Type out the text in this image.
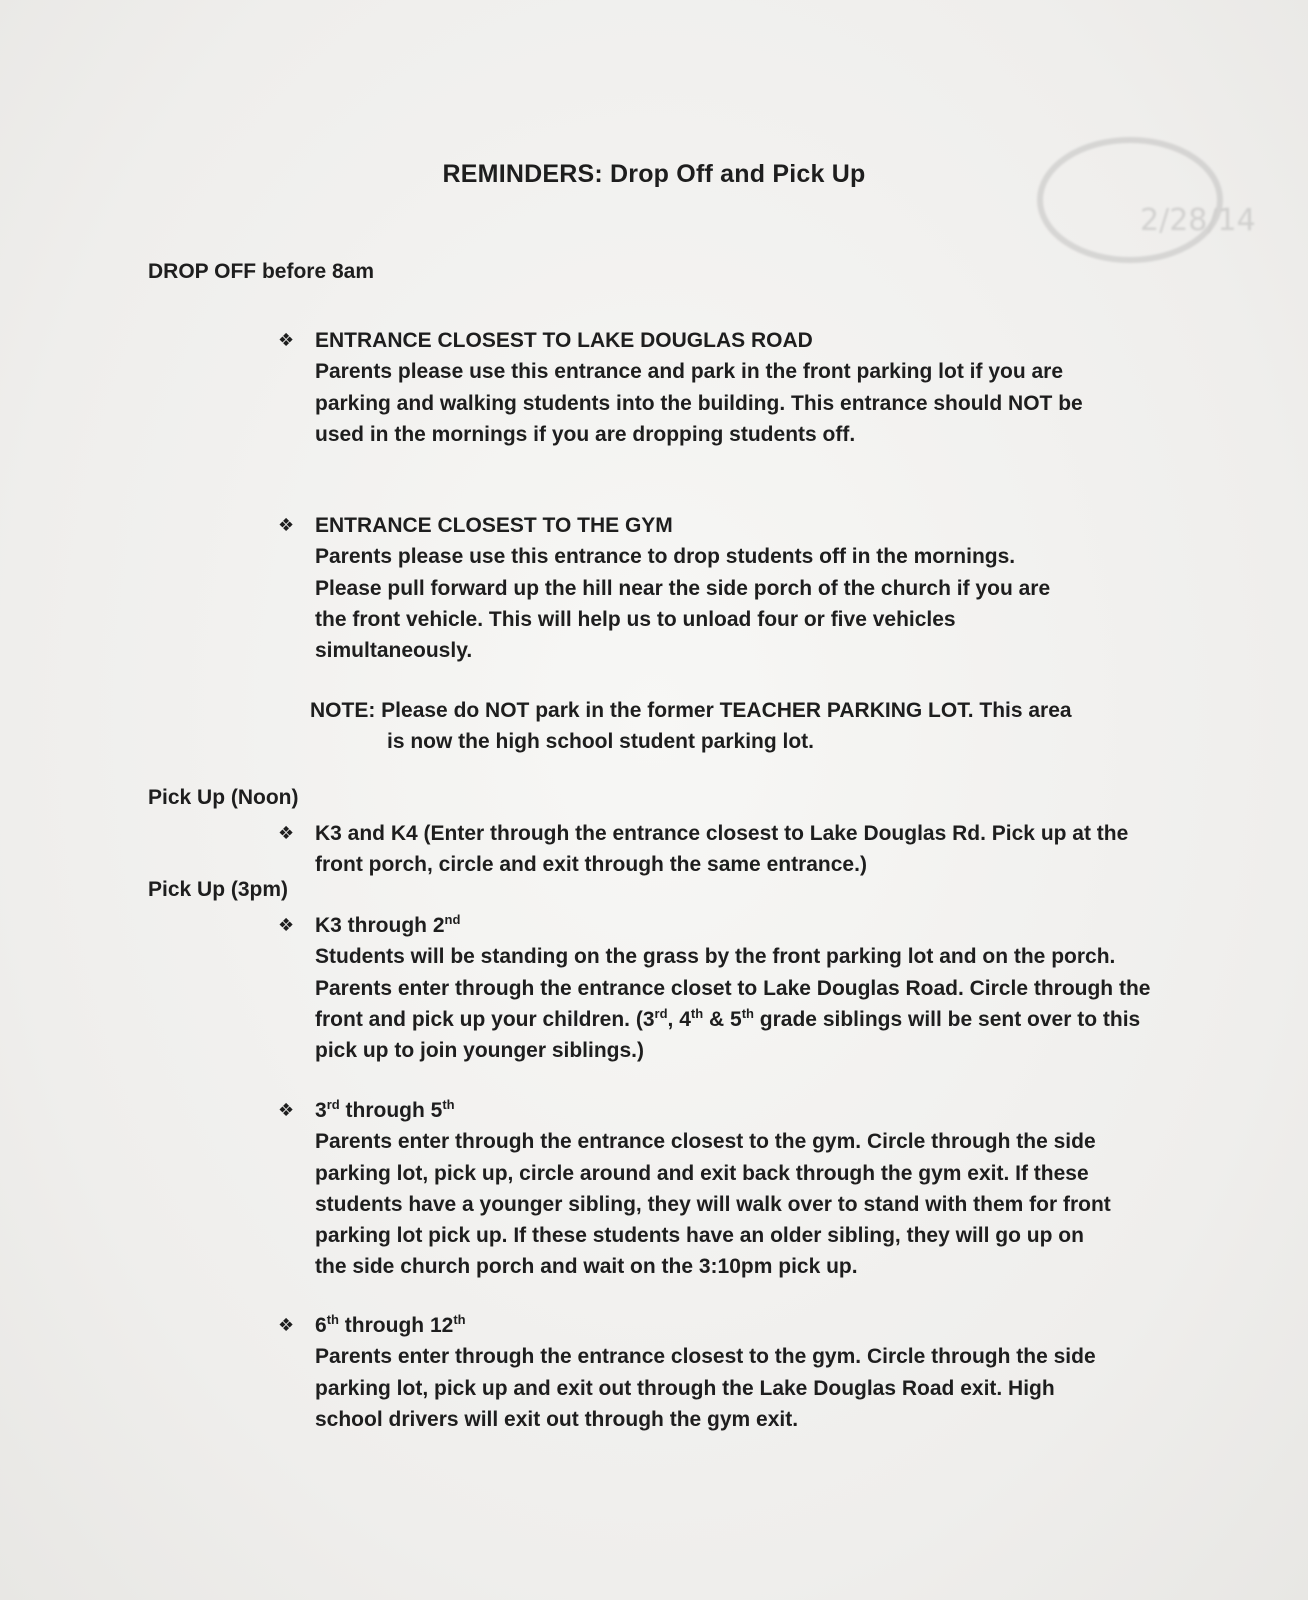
2/28/14
REMINDERS: Drop Off and Pick Up
DROP OFF before 8am
❖ ENTRANCE CLOSEST TO LAKE DOUGLAS ROAD
Parents please use this entrance and park in the front parking lot if you are parking and walking students into the building. This entrance should NOT be used in the mornings if you are dropping students off.
❖ ENTRANCE CLOSEST TO THE GYM
Parents please use this entrance to drop students off in the mornings. Please pull forward up the hill near the side porch of the church if you are the front vehicle. This will help us to unload four or five vehicles simultaneously.
NOTE: Please do NOT park in the former TEACHER PARKING LOT. This area
is now the high school student parking lot.
Pick Up (Noon)
❖ K3 and K4 (Enter through the entrance closest to Lake Douglas Rd. Pick up at the front porch, circle and exit through the same entrance.)
Pick Up (3pm)
❖ K3 through 2nd
Students will be standing on the grass by the front parking lot and on the porch. Parents enter through the entrance closet to Lake Douglas Road. Circle through the front and pick up your children. (3rd, 4th & 5th grade siblings will be sent over to this pick up to join younger siblings.)
❖ 3rd through 5th
Parents enter through the entrance closest to the gym. Circle through the side parking lot, pick up, circle around and exit back through the gym exit. If these students have a younger sibling, they will walk over to stand with them for front parking lot pick up. If these students have an older sibling, they will go up on the side church porch and wait on the 3:10pm pick up.
❖ 6th through 12th
Parents enter through the entrance closest to the gym. Circle through the side parking lot, pick up and exit out through the Lake Douglas Road exit. High school drivers will exit out through the gym exit.
